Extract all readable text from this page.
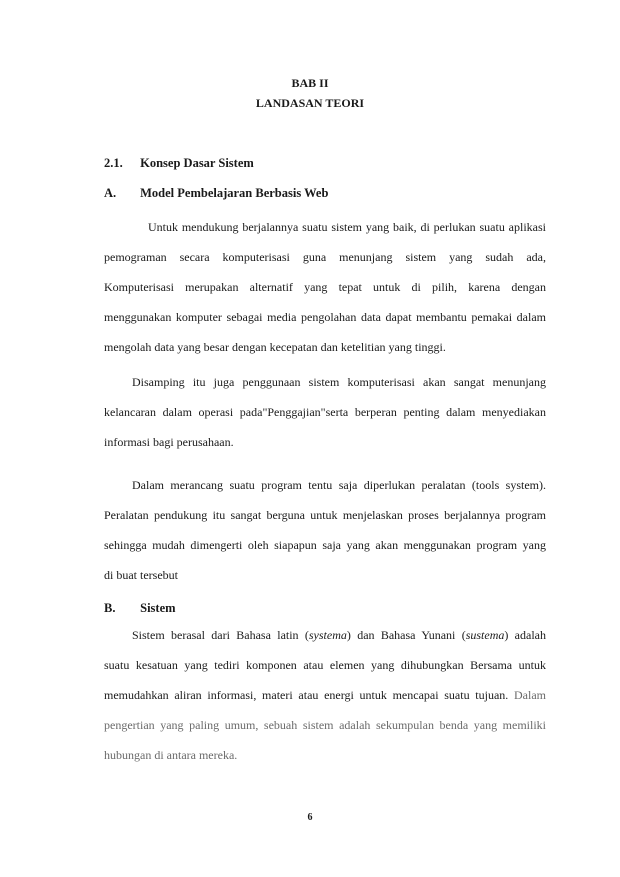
BAB II
LANDASAN TEORI
2.1. Konsep Dasar Sistem
A. Model Pembelajaran Berbasis Web
Untuk mendukung berjalannya suatu sistem yang baik, di perlukan suatu aplikasi
pemograman secara komputerisasi guna menunjang sistem yang sudah ada,
Komputerisasi merupakan alternatif yang tepat untuk di pilih, karena dengan
menggunakan komputer sebagai media pengolahan data dapat membantu pemakai dalam
mengolah data yang besar dengan kecepatan dan ketelitian yang tinggi.
Disamping itu juga penggunaan sistem komputerisasi akan sangat menunjang
kelancaran dalam operasi pada"Penggajian"serta berperan penting dalam menyediakan
informasi bagi perusahaan.
Dalam merancang suatu program tentu saja diperlukan peralatan (tools system).
Peralatan pendukung itu sangat berguna untuk menjelaskan proses berjalannya program
sehingga mudah dimengerti oleh siapapun saja yang akan menggunakan program yang
di buat tersebut
B. Sistem
Sistem berasal dari Bahasa latin (systema) dan Bahasa Yunani (sustema) adalah
suatu kesatuan yang tediri komponen atau elemen yang dihubungkan Bersama untuk
memudahkan aliran informasi, materi atau energi untuk mencapai suatu tujuan. Dalam
pengertian yang paling umum, sebuah sistem adalah sekumpulan benda yang memiliki
hubungan di antara mereka.
6
